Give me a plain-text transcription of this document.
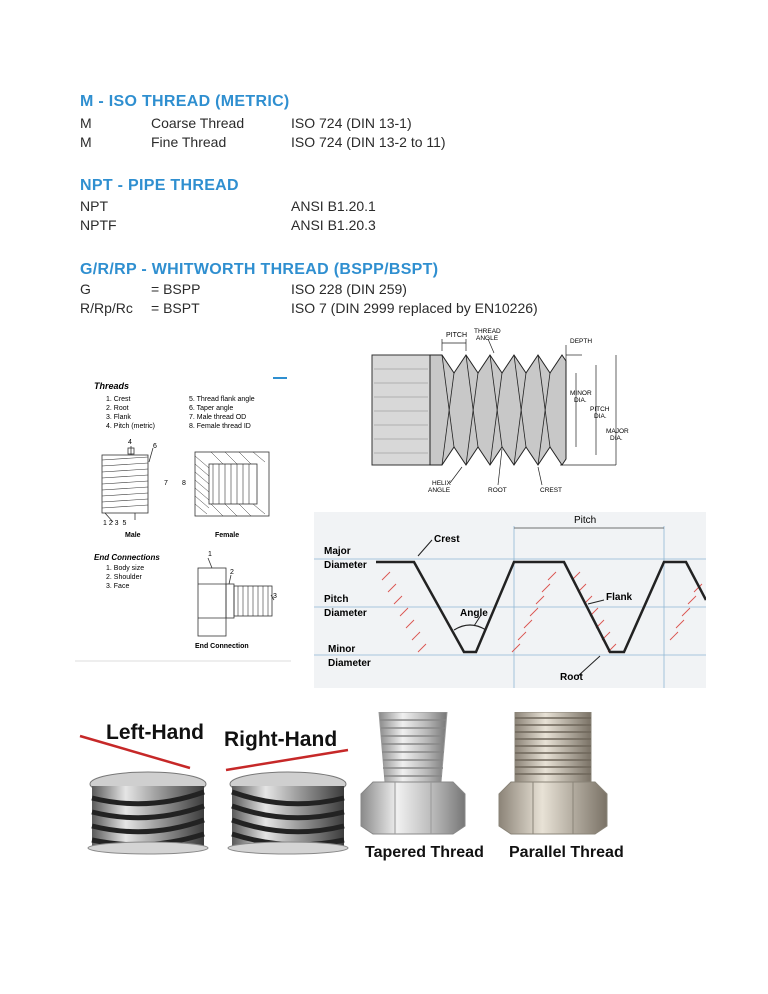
M - ISO THREAD (METRIC)
M	Coarse Thread	ISO 724 (DIN 13-1)
M	Fine Thread	ISO 724 (DIN 13-2 to 11)
NPT - PIPE THREAD
NPT	ANSI B1.20.1
NPTF	ANSI B1.20.3
G/R/RP - WHITWORTH THREAD (BSPP/BSPT)
G	= BSPP	ISO 228 (DIN 259)
R/Rp/Rc = BSPT	ISO 7 (DIN 2999 replaced by EN10226)
Threads
1. Crest
2. Root
3. Flank
4. Pitch (metric)
5. Thread flank angle
6. Taper angle
7. Male thread OD
8. Female thread ID
4
6
7
1 2 3  5
Male
8
Female
End Connections
1. Body size
2. Shoulder
3. Face
1
2
3
End Connection
PITCH
THREAD ANGLE	DEPTH
MINOR DIA.
PITCH DIA.
MAJOR DIA.
HELIX ANGLE	ROOT	CREST
Pitch
Crest
Major
Diameter
Pitch
Diameter	Angle
Flank
Minor
Diameter
Root
Left-Hand Right-Hand
Tapered Thread Parallel Thread
